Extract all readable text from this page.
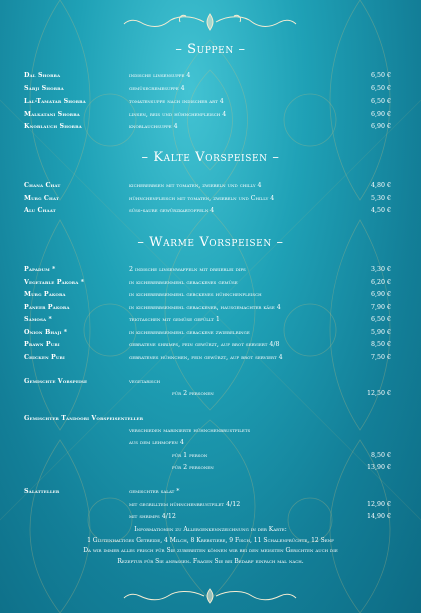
– Suppen –
Dal Shorba	indische linsensuppe 4	6,50 €
Sabji Shorba	gemüsecremesuppe 4	6,50 €
Lal-Tamatar Shorba	tomatensuppe nach indischer art 4	6,50 €
Malkatani Shorba	linsen, reis und hühnchenfleisch 4	6,90 €
Knoblauch Shorba	knoblauchsuppe 4	6,90 €
– Kalte Vorspeisen –
Chana Chat	kichererbsen mit tomaten, zwiebeln und chilly 4	4,80 €
Murg Chat	hühnchenfleisch mit tomaten, zwiebeln und Chilly 4	5,30 €
Alu Chaat	süss-saure gewürzkartoffeln 4	4,50 €
– Warme Vorspeisen –
Papadum *	2 indische linsenwaffeln mit dreierlei dips	3,30 €
Vegetable Pakora *	in kichererbsenmehl gebackenes gemüse	6,20 €
Murg Pakora	in kichererbsenmehl gebckenes hühnchenfleisch	6,90 €
Paneer Pakora	in kichererbsenmehl gebackener, hausgemachter käse 4	7,90 €
Samosa *	teigtaschen mit gemüse gefüllt 1	6,50 €
Onion Bhaji *	in kichererbsenmehl gebackene zwiebelringe	5,90 €
Prawn Puri	gebratene shrimps, fein gewürzt, auf brot serviert 4/8	8,50 €
Chicken Puri	gebratenes hühnchen, fein gewürzt, auf brot serviert 4	7,50 €
Gemischte Vorspeise	vegetarisch
für 2 personen	12,50 €
Gemischter Tandoori Vorspeisenteller
verschieden marinierte hühnchenbrustfilets
aus dem lehmofen 4
für 1 person	8,50 €
für 2 personen	13,90 €
Salatteller	gemischter salat *
mit gegrilltem hühnchenbrustfilet 4/12	12,90 €
mit shrimps 4/12	14,90 €
Informationen zu Allergenkennzeichnung in der Karte:
1 Glutenhaltiges Getreide, 4 Milch, 8 Krebstiere, 9 Fisch, 11 Schalenfrüchte, 12 Senf
Da wir immer alles frisch für Sie zubereiten können wir bei den meissten Gerichten auch die
Rezeptur für Sie anpassen. Fragen Sie bei Bedarf einfach mal nach.
